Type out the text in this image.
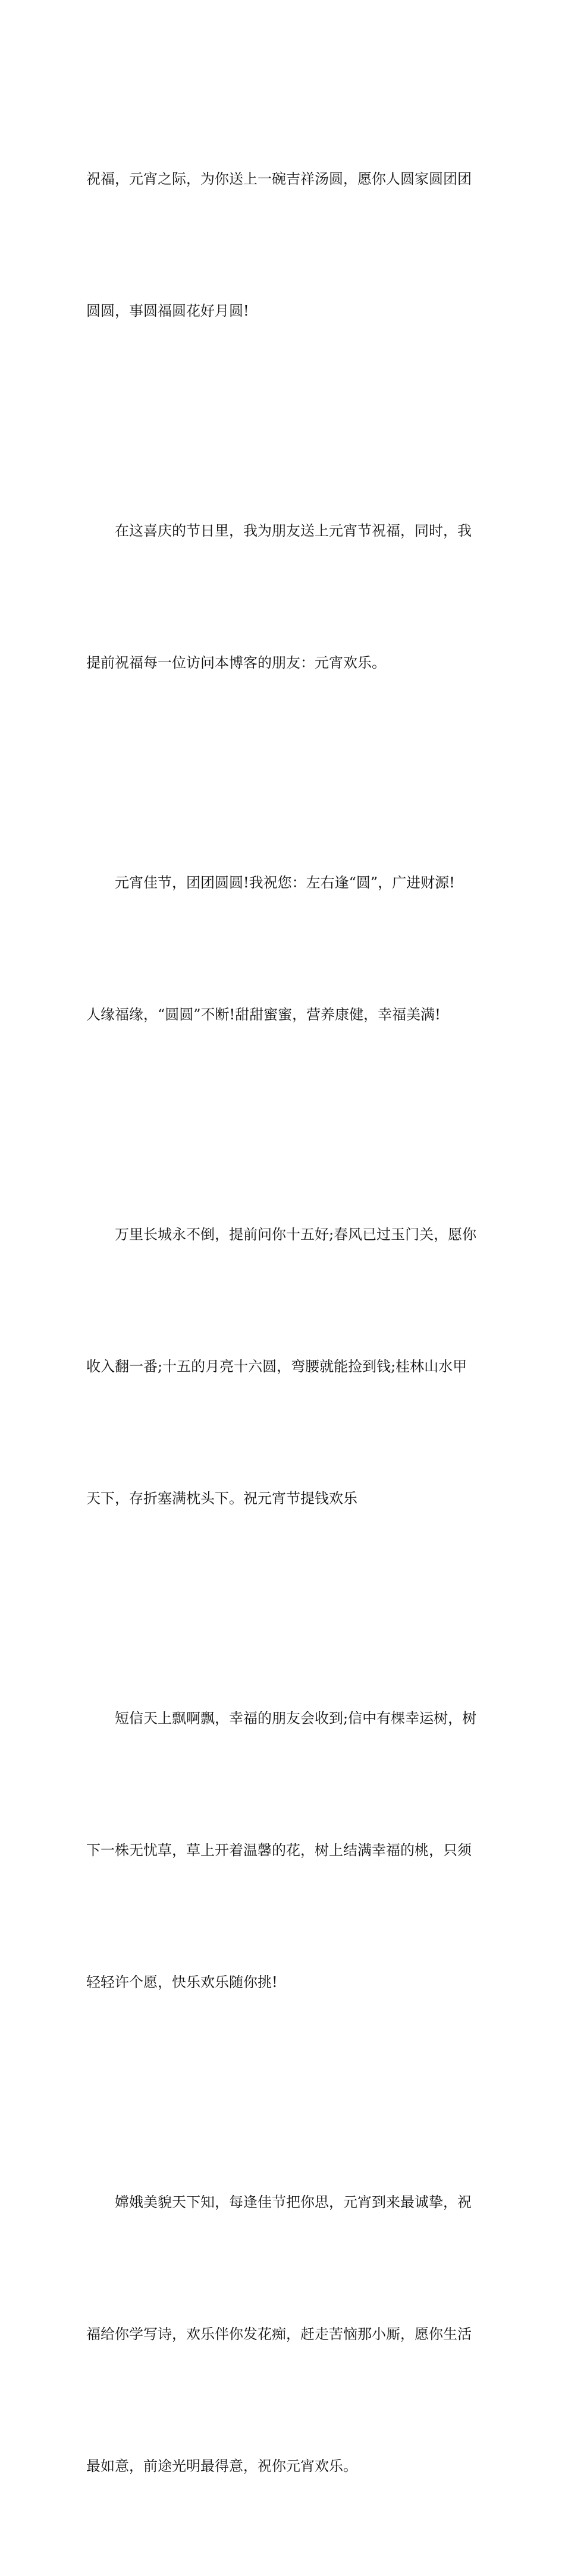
祝福，元宵之际，为你送上一碗吉祥汤圆，愿你人圆家圆团团

圆圆，事圆福圆花好月圆!

在这喜庆的节日里，我为朋友送上元宵节祝福，同时，我

提前祝福每一位访问本博客的朋友：元宵欢乐。

元宵佳节，团团圆圆!我祝您：左右逢“圆”，广进财源!

人缘福缘，“圆圆”不断!甜甜蜜蜜，营养康健，幸福美满!

万里长城永不倒，提前问你十五好;春风已过玉门关，愿你

收入翻一番;十五的月亮十六圆，弯腰就能捡到钱;桂林山水甲

天下，存折塞满枕头下。祝元宵节提钱欢乐

短信天上飘啊飘，幸福的朋友会收到;信中有棵幸运树，树

下一株无忧草，草上开着温馨的花，树上结满幸福的桃，只须

轻轻许个愿，快乐欢乐随你挑!

嫦娥美貌天下知，每逢佳节把你思，元宵到来最诚挚，祝

福给你学写诗，欢乐伴你发花痴，赶走苦恼那小厮，愿你生活

最如意，前途光明最得意，祝你元宵欢乐。
